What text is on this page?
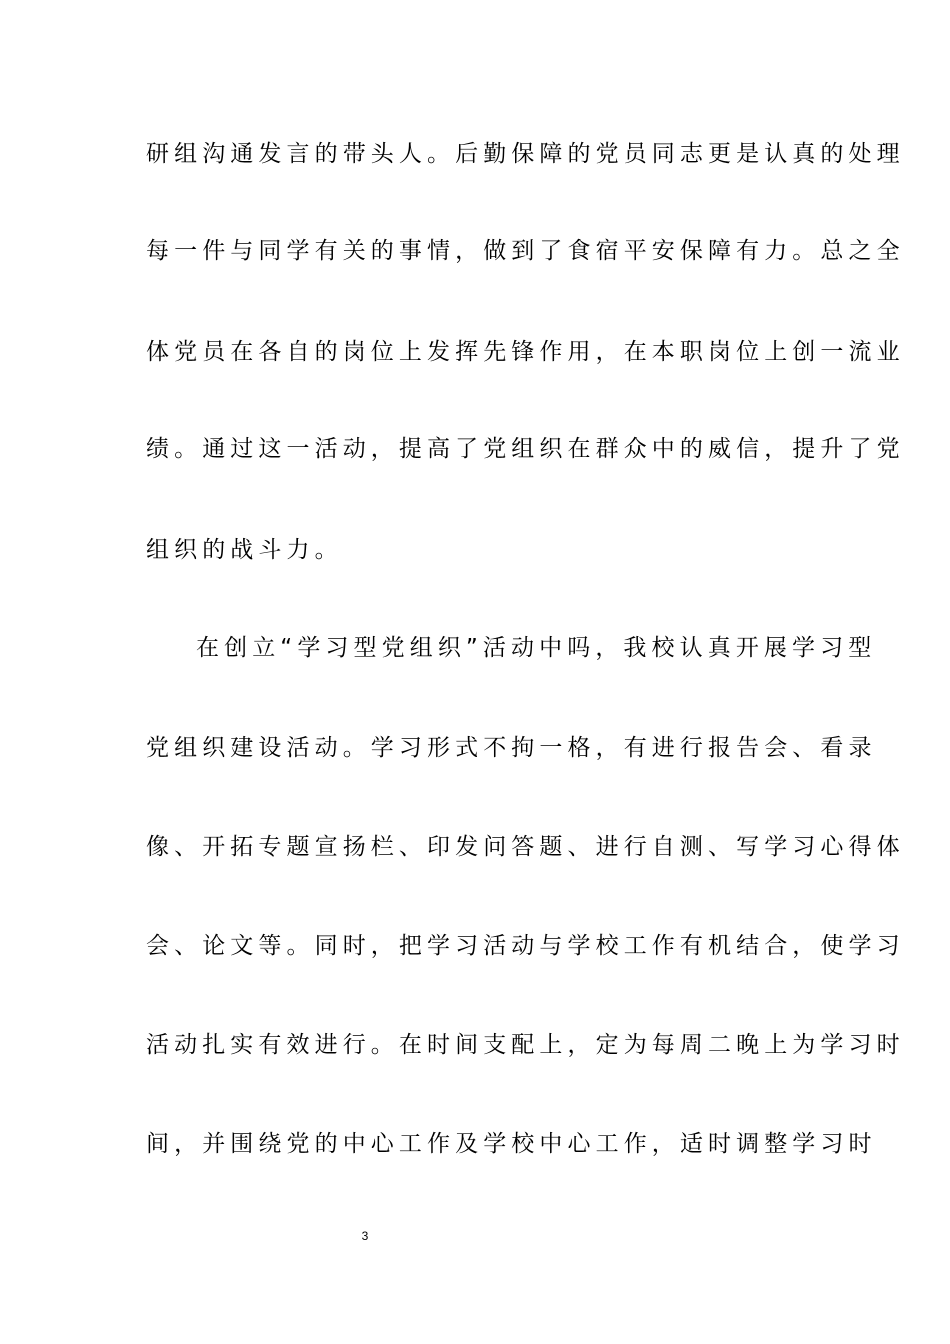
研组沟通发言的带头人。后勤保障的党员同志更是认真的处理

每一件与同学有关的事情，做到了食宿平安保障有力。总之全

体党员在各自的岗位上发挥先锋作用，在本职岗位上创一流业

绩。通过这一活动，提高了党组织在群众中的威信，提升了党

组织的战斗力。

在创立“学习型党组织”活动中吗，我校认真开展学习型

党组织建设活动。学习形式不拘一格，有进行报告会、看录

像、开拓专题宣扬栏、印发问答题、进行自测、写学习心得体

会、论文等。同时，把学习活动与学校工作有机结合，使学习

活动扎实有效进行。在时间支配上，定为每周二晚上为学习时

间，并围绕党的中心工作及学校中心工作，适时调整学习时

3
